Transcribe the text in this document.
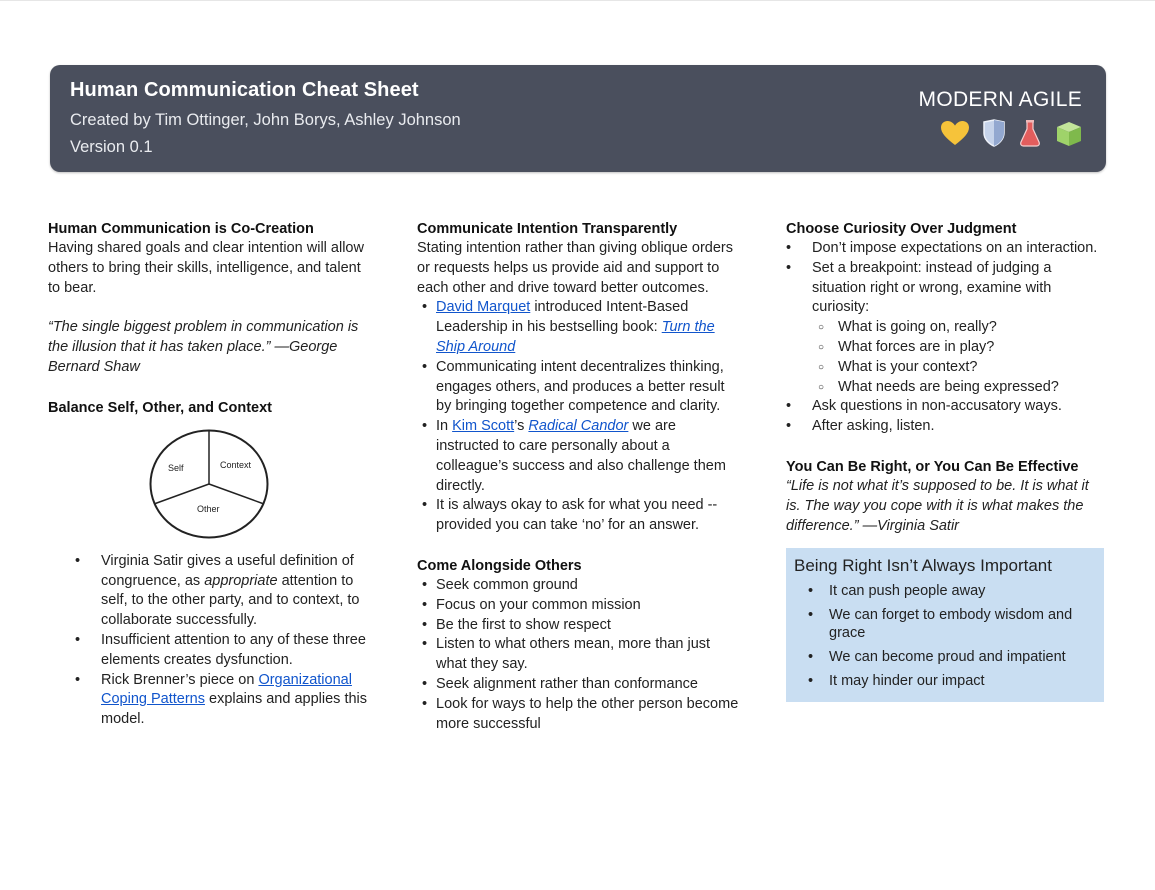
Human Communication Cheat Sheet
Created by Tim Ottinger, John Borys, Ashley Johnson
Version 0.1
MODERN AGILE
Human Communication is Co-Creation

Having shared goals and clear intention will allow others to bring their skills, intelligence, and talent to bear.

“The single biggest problem in communication is the illusion that it has taken place.” —George Bernard Shaw

Balance Self, Other, and Context
Self	Context
Other
• Virginia Satir gives a useful definition of congruence, as appropriate attention to self, to the other party, and to context, to collaborate successfully.
• Insufficient attention to any of these three elements creates dysfunction.
• Rick Brenner’s piece on Organizational Coping Patterns explains and applies this model.
Communicate Intention Transparently

Stating intention rather than giving oblique orders or requests helps us provide aid and support to each other and drive toward better outcomes.

• David Marquet introduced Intent-Based Leadership in his bestselling book: Turn the Ship Around
• Communicating intent decentralizes thinking, engages others, and produces a better result by bringing together competence and clarity.
• In Kim Scott’s Radical Candor we are instructed to care personally about a colleague’s success and also challenge them directly.
• It is always okay to ask for what you need -- provided you can take ‘no’ for an answer.
Come Alongside Others
• Seek common ground
• Focus on your common mission
• Be the first to show respect
• Listen to what others mean, more than just what they say.
• Seek alignment rather than conformance
• Look for ways to help the other person become more successful
Choose Curiosity Over Judgment
• Don’t impose expectations on an interaction.
• Set a breakpoint: instead of judging a situation right or wrong, examine with curiosity:
○ What is going on, really?
○ What forces are in play?
○ What is your context?
○ What needs are being expressed?
• Ask questions in non-accusatory ways.
• After asking, listen.
You Can Be Right, or You Can Be Effective

“Life is not what it’s supposed to be. It is what it is. The way you cope with it is what makes the difference.” —Virginia Satir

Being Right Isn’t Always Important
• It can push people away
• We can forget to embody wisdom and grace
• We can become proud and impatient
• It may hinder our impact
